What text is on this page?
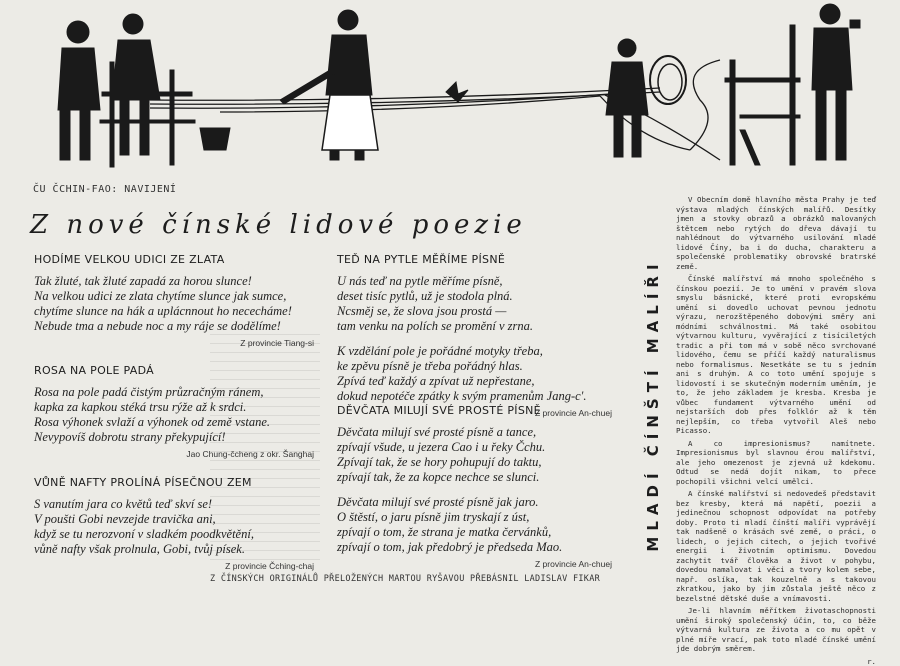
ČU ČCHIN-FAO: NAVIJENÍ
Z nové čínské lidové poezie
HODÍME VELKOU UDICI ZE ZLATA
Tak žluté, tak žluté zapadá za horou slunce!
Na velkou udici ze zlata chytíme slunce jak sumce,
chytíme slunce na hák a uplácnnout ho nececháme!
Nebude tma a nebude noc a my ráje se dodělíme!
Z provincie Tiang-si
ROSA NA POLE PADÁ
Rosa na pole padá čistým průzračným ránem,
kapka za kapkou stéká trsu rýže až k srdci.
Rosa výhonek svlaží a výhonek od země vstane.
Nevypovíš dobrotu strany překypující!
Jao Chung-čcheng z okr. Šanghaj
VŮNĚ NAFTY PROLÍNÁ PÍSEČNOU ZEM
S vanutím jara co květů teď skví se!
V poušti Gobi nevzejde travička ani,
když se tu nerozvoní v sladkém poodkvětění,
vůně nafty však prolnula, Gobi, tvůj písek.
Z provincie Čching-chaj
TEĎ NA PYTLE MĚŘÍME PÍSNĚ
U nás teď na pytle měříme písně,
deset tisíc pytlů, už je stodola plná.
Ncsměj se, že slova jsou prostá —
tam venku na polích se promění v zrna.
K vzdělání pole je pořádné motyky třeba,
ke zpěvu písně je třeba pořádný hlas.
Zpívá teď každý a zpívat už nepřestane,
dokud nepotéče zpátky k svým pramenům Jang-c'.
Z provincie An-chuej
DĚVČATA MILUJÍ SVÉ PROSTÉ PÍSNĚ
Děvčata milují své prosté písně a tance,
zpívají všude, u jezera Cao i u řeky Čchu.
Zpívají tak, že se hory pohupují do taktu,
zpívají tak, že za kopce nechce se slunci.
Děvčata milují své prosté písně jak jaro.
O štěstí, o jaru písně jim tryskají z úst,
zpívají o tom, že strana je matka červánků,
zpívají o tom, jak předobrý je předseda Mao.
Z provincie An-chuej
Z ČÍNSKÝCH ORIGINÁLŮ PŘELOŽENÝCH MARTOU RYŠAVOU PŘEBÁSNIL LADISLAV FIKAR
MLADÍ ČÍNŠTÍ MALÍŘI

V Obecním domě hlavního města Prahy je teď výstava mladých čínských malířů. Desítky jmen a stovky obrazů a obrázků malovaných štětcem nebo rytých do dřeva dávají tu nahlédnout do výtvarného usilování mladé lidové Číny, ba i do ducha, charakteru a společenské problematiky obrovské bratrské země.

Čínské malířství má mnoho společného s čínskou poezií. Je to umění v pravém slova smyslu básnické, které proti evropskému umění si dovedlo uchovat pevnou jednotu výrazu, nerozštěpeného dobovými směry ani módními schválnostmi. Má také osobitou výtvarnou kulturu, vyvěrající z tisíciletých tradic a při tom má v sobě něco svrchované lidového, čemu se příčí každý naturalismus nebo formalismus. Nesetkáte se tu s jedním ani s druhým. A co toto umění spojuje s lidovostí i se skutečným moderním uměním, je to, že jeho základem je kresba. Kresba je vůbec fundament výtvarného umění od nejstarších dob přes folklór až k těm nejlepším, co třeba vytvořil Aleš nebo Picasso.

A co impresionismus? namítnete. Impresionismus byl slavnou érou malířství, ale jeho omezenost je zjevná už kdekomu. Odtud se nedá dojít nikam, to přece pochopili všichni velcí umělci.

A čínské malířství si nedovedeš představit bez kresby, která má napětí, poezii a jedinečnou schopnost odpovídat na potřeby doby. Proto ti mladí čínští malíři vyprávějí tak nadšeně o krásách své země, o práci, o lidech, o jejich citech, o jejich tvořivé energii i životním optimismu. Dovedou zachytit tvář člověka a život v pohybu, dovedou namalovat i věci a tvory kolem sebe, např. oslíka, tak kouzelně a s takovou zkratkou, jako by jim zůstala ještě něco z bezelstné dětské duše a vnímavosti.

Je-li hlavním měřítkem životaschopnosti umění široký společenský účin, to, co běže výtvarná kultura ze života a co mu opět v plné míře vrací, pak toto mladé čínské umění jde dobrým směrem.

r.
